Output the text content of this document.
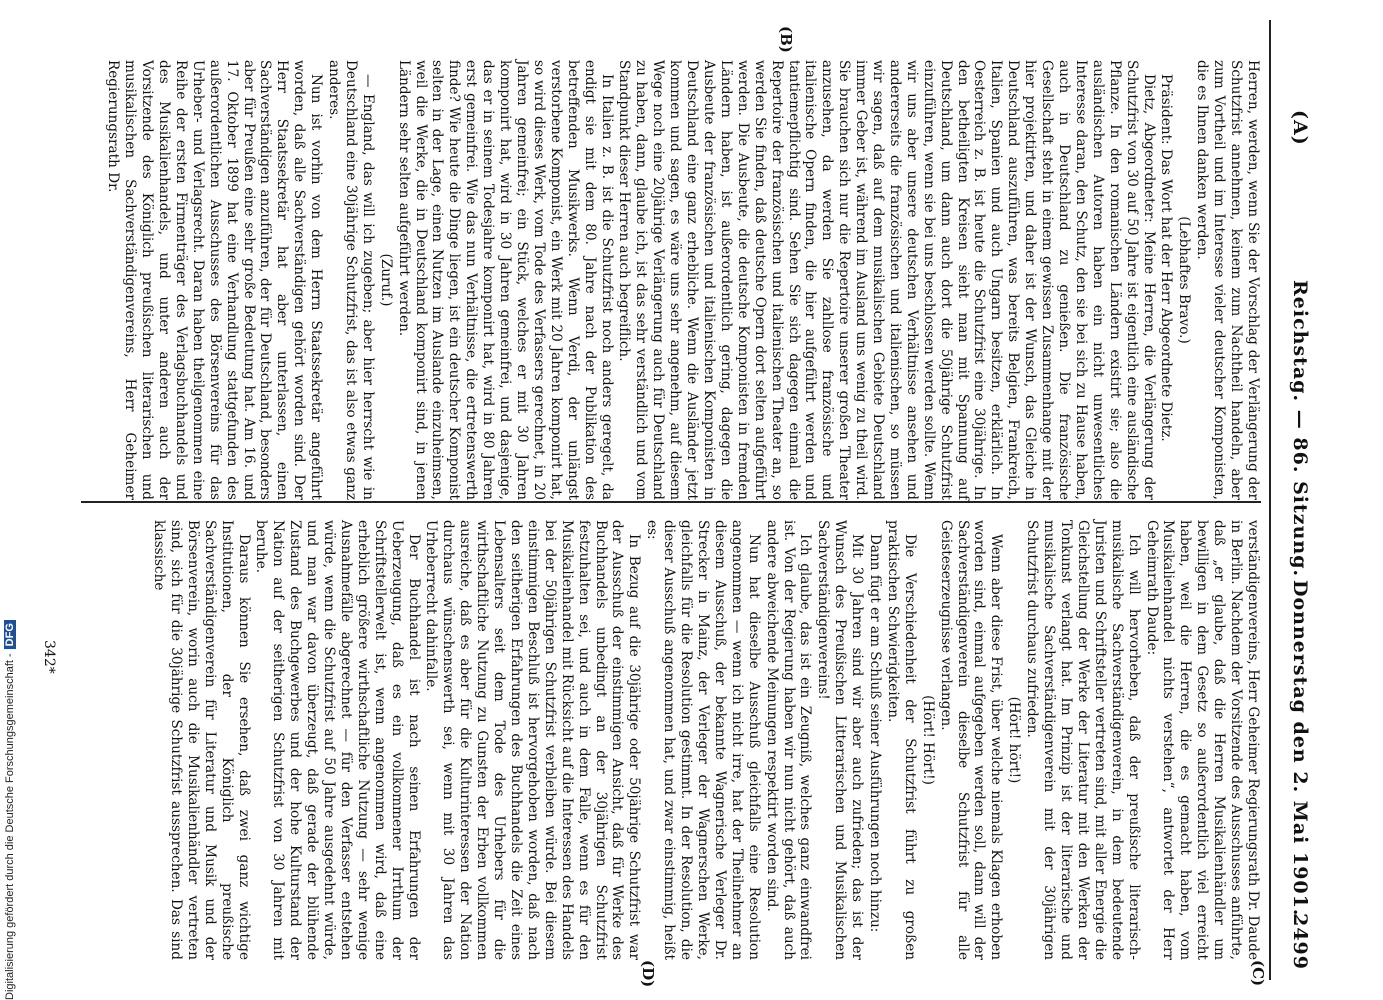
(A)
Reichstag. — 86. Sitzung.
Donnerstag den 2. Mai 1901.
2499

Herren, werden, wenn Sie der Vorschlag der Verlängerung der Schutzfrist annehmen, keinem zum Nachtheil handeln, aber zum Vortheil und im Interesse vieler deutscher Komponisten, die es Ihnen danken werden.

(Lebhaftes Bravo.)

Präsident: Das Wort hat der Herr Abgeordnete Dietz.

Dietz, Abgeordneter: Meine Herren, die Verlängerung der Schutzfrist von 30 auf 50 Jahre ist eigentlich eine ausländische Pflanze. In den romanischen Ländern existirt sie; also die ausländischen Autoren haben ein nicht unwesentliches Interesse daran, den Schutz, den sie bei sich zu Hause haben, auch in Deutschland zu genießen. Die französische Gesellschaft steht in einem gewissen Zusammenhange mit der hier projektirten, und daher ist der Wunsch, das Gleiche in Deutschland auszuführen, was bereits Belgien, Frankreich, Italien, Spanien und auch Ungarn besitzen, erklärlich. In Oesterreich z. B. ist heute die Schutzfrist eine 30jährige. In den betheiligten Kreisen sieht man mit Spannung auf Deutschland, um dann auch dort die 50jährige Schutzfrist einzuführen, wenn sie bei uns beschlossen werden sollte. Wenn wir uns aber unsere deutschen Verhältnisse ansehen und andererseits die französischen und italienischen, so müssen wir sagen, daß auf dem musikalischen Gebiete Deutschland immer Geber ist, während im Ausland uns wenig zu theil wird. Sie brauchen sich nur die Repertoire unserer großen Theater anzusehen, da werden Sie zahllose französische und italienische Opern finden, die hier aufgeführt werden und tantiemepflichtig sind. Sehen Sie sich dagegen einmal die Repertoire der französischen und italienischen Theater an, so werden Sie finden, daß deutsche Opern dort selten aufgeführt werden. Die Ausbeute, die deutsche Komponisten in fremden Ländern haben, ist außerordentlich gering, dagegen die Ausbeute der französischen und italienischen Komponisten in Deutschland eine ganz erhebliche. Wenn die Ausländer jetzt kommen und sagen, es wäre uns sehr angenehm, auf diesem Wege noch eine 20jährige Verlängerung auch für Deutschland zu haben, dann, glaube ich, ist das sehr verständlich und vom Standpunkt dieser Herren auch begreiflich.

In Italien z. B. ist die Schutzfrist noch anders geregelt, da endigt sie mit dem 80. Jahre nach der Publikation des betreffenden Musikwerks. Wenn Verdi, der unlängst verstorbene Komponist, ein Werk mit 20 Jahren komponirt hat, so wird dieses Werk, vom Tode des Verfassers gerechnet, in 20 Jahren gemeinfrei; ein Stück, welches er mit 30 Jahren komponirt hat, wird in 30 Jahren gemeinfrei, und dasjenige, das er in seinem Todesjahre komponirt hat, wird in 80 Jahren erst gemeinfrei. Wie das nun Verhältnisse, die ertretenswerth finde? Wie heute die Dinge liegen, ist ein deutscher Komponist selten in der Lage, einen Nutzen im Auslande einzuheimsen, weil die Werke, die in Deutschland komponirt sind, in jenen Ländern sehr selten aufgeführt werden.

(Zuruf.)

— England, das will ich zugeben; aber hier herrscht wie in Deutschland eine 30jährige Schutzfrist, das ist also etwas ganz anderes.

Nun ist vorhin von dem Herrn Staatssekretär angeführt worden, daß alle Sachverständigen gehört worden sind. Der Herr Staatssekretär hat aber unterlassen, einen Sachverständigen anzuführen, der für Deutschland, besonders aber für Preußen eine sehr große Bedeutung hat. Am 16. und 17. Oktober 1899 hat eine Verhandlung stattgefunden des außerordentlichen Ausschusses des Börsenvereins für das Urheber- und Verlagsrecht. Daran haben theilgenommen eine Reihe der ersten Firmenträger des Verlagsbuchhandels und des Musikalienhandels, und unter anderen auch der Vorsitzende des Königlich preußischen literarischen und musikalischen Sachverständigenvereins, Herr Geheimer Regierungsrath Dr.

verständigenvereins, Herr Geheimer Regierungsrath Dr. Daude in Berlin. Nachdem der Vorsitzende des Ausschusses anführte, daß „er glaube, daß die Herren Musikalienhändler um bewilligen in dem Gesetz so außerordentlich viel erreicht haben, weil die Herren, die es gemacht haben, vom Musikalienhandel nichts verstehen“, antwortet der Herr Geheimrath Daude:

Ich will hervorheben, daß der preußische literarisch-musikalische Sachverständigenverein, in dem bedeutende Juristen und Schriftsteller vertreten sind, mit aller Energie die Gleichstellung der Werke der Literatur mit den Werken der Tonkunst verlangt hat. Im Prinzip ist der literarische und musikalische Sachverständigenverein mit der 30jährigen Schutzfrist durchaus zufrieden.

(Hört! hört!)

Wenn aber diese Frist, über welche niemals Klagen erhoben worden sind, einmal aufgegeben werden soll, dann will der Sachverständigenverein dieselbe Schutzfrist für alle Geisteserzeugnisse verlangen.

(Hört! Hört!)

Die Verschiedenheit der Schutzfrist führt zu großen praktischen Schwierigkeiten.

Dann fügt er am Schluß seiner Ausführungen noch hinzu:

Mit 30 Jahren sind wir aber auch zufrieden; das ist der Wunsch des Preußischen Litterarischen und Musikalischen Sachverständigenvereins!

Ich glaube, das ist ein Zeugniß, welches ganz einwandfrei ist. Von der Regierung haben wir nun nicht gehört, daß auch andere abweichende Meinungen respektirt worden sind.

Nun hat dieselbe Ausschuß gleichfalls eine Resolution angenommen — wenn ich nicht irre, hat der Theilnehmer an diesem Ausschuß, der bekannte Wagnerische Verleger Dr. Strecker in Mainz, der Verleger der Wagnerschen Werke, gleichfalls für die Resolution gestimmt. In der Resolution, die dieser Ausschuß angenommen hat, und zwar einstimmig, heißt es:

In Bezug auf die 30jährige oder 50jährige Schutzfrist war der Ausschuß der einstimmigen Ansicht, daß für Werke des Buchhandels unbedingt an der 30jährigen Schutzfrist festzuhalten sei, und auch in dem Falle, wenn es für den Musikalienhandel mit Rücksicht auf die Interessen des Handels bei der 50jährigen Schutzfrist verbleiben würde. Bei diesem einstimmigen Beschluß ist hervorgehoben worden, daß nach den seitherigen Erfahrungen des Buchhandels die Zeit eines Lebensalters seit dem Tode des Urhebers für die wirthschaftliche Nutzung zu Gunsten der Erben vollkommen ausreiche, daß es aber für die Kulturinteressen der Nation durchaus wünschenswerth sei, wenn mit 30 Jahren das Urheberrecht dahinfalle.

Der Buchhandel ist nach seinen Erfahrungen der Ueberzeugung, daß es ein vollkommener Irrthum der Schriftstellerwelt ist, wenn angenommen wird, daß eine erheblich größere wirthschaftliche Nutzung — sehr wenige Ausnahmefälle abgerechnet — für den Verfasser entstehen würde, wenn die Schutzfrist auf 50 Jahre ausgedehnt würde, und man war davon überzeugt, daß gerade der blühende Zustand des Buchgewerbes und der hohe Kulturstand der Nation auf der seitherigen Schutzfrist von 30 Jahren mit beruhe.

Daraus können Sie ersehen, daß zwei ganz wichtige Institutionen, der Königlich preußische Sachverständigenverein für Literatur und Musik und der Börsenverein, worin auch die Musikalienhändler vertreten sind, sich für die 30jährige Schutzfrist aussprechen. Das sind klassische

(B)
(C)
(D)
342*
Digitalisierung gefördert durch die Deutsche Forschungsgemeinschaft -DFG
